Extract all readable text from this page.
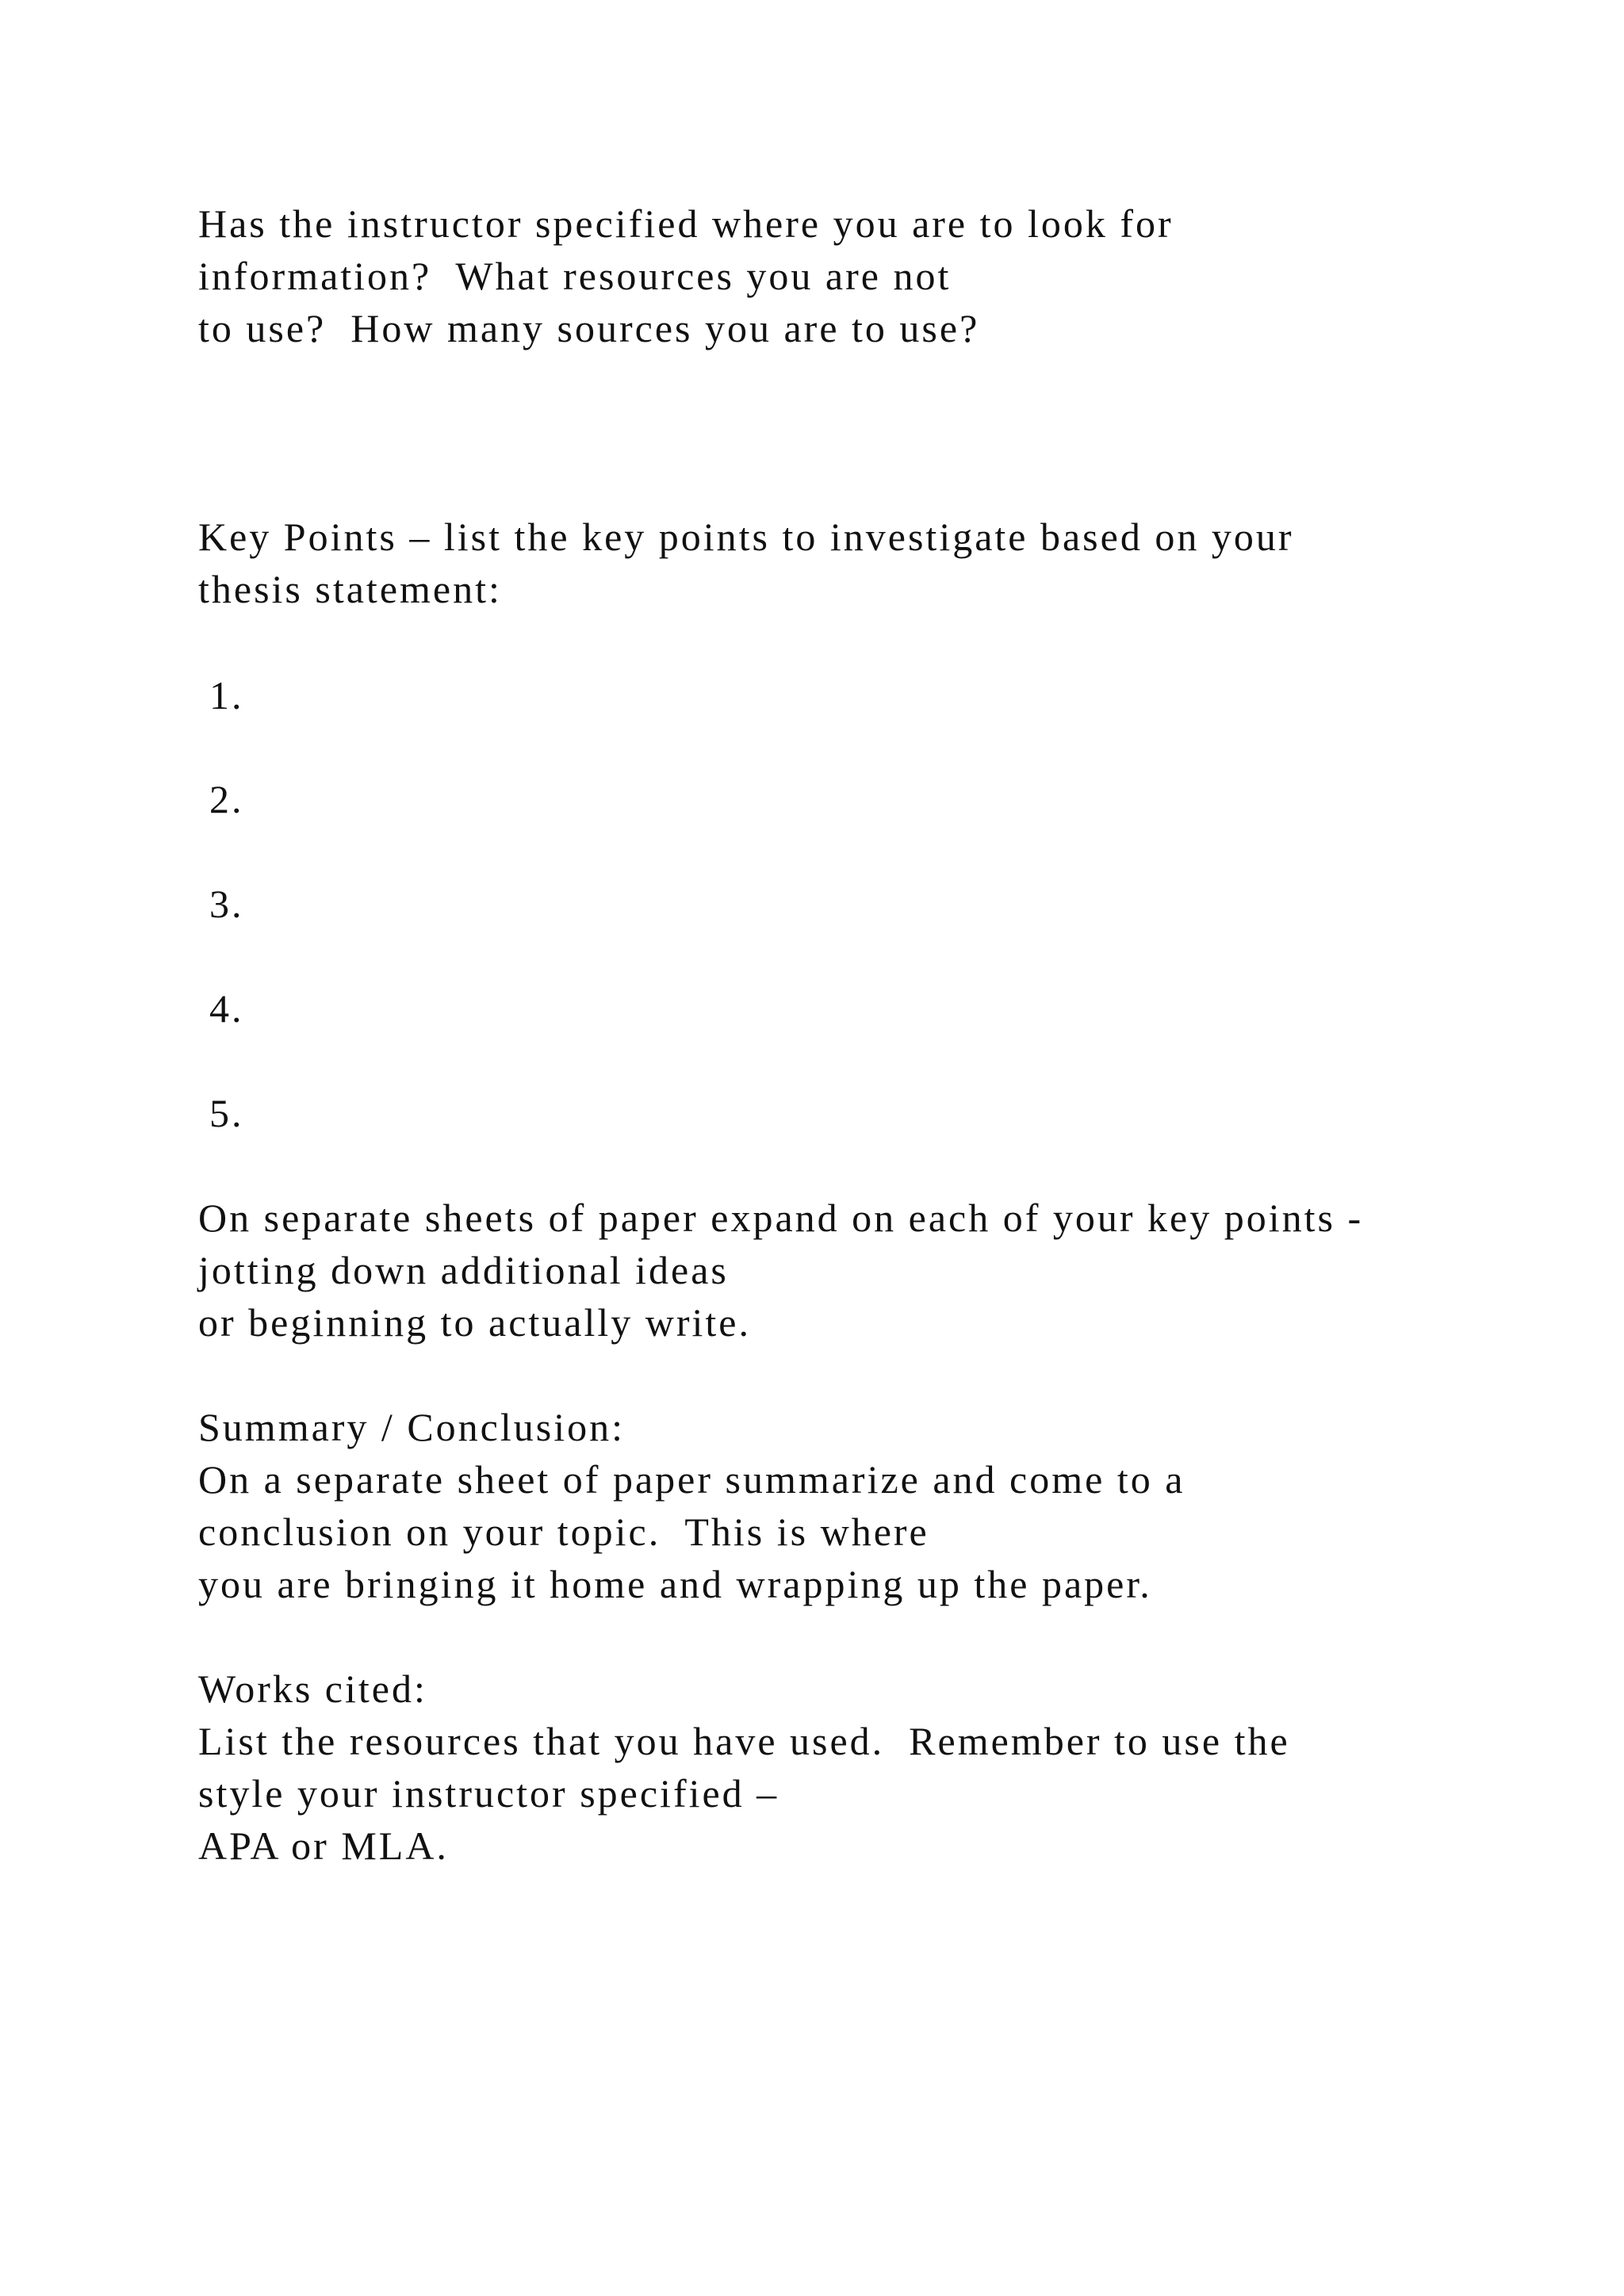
Has the instructor specified where you are to look for

information?  What resources you are not

to use?  How many sources you are to use?

Key Points – list the key points to investigate based on your

thesis statement:

1.

2.

3.

4.

5.

On separate sheets of paper expand on each of your key points -

jotting down additional ideas

or beginning to actually write.

Summary / Conclusion:

On a separate sheet of paper summarize and come to a

conclusion on your topic.  This is where

you are bringing it home and wrapping up the paper.

Works cited:

List the resources that you have used.  Remember to use the

style your instructor specified –

APA or MLA.
